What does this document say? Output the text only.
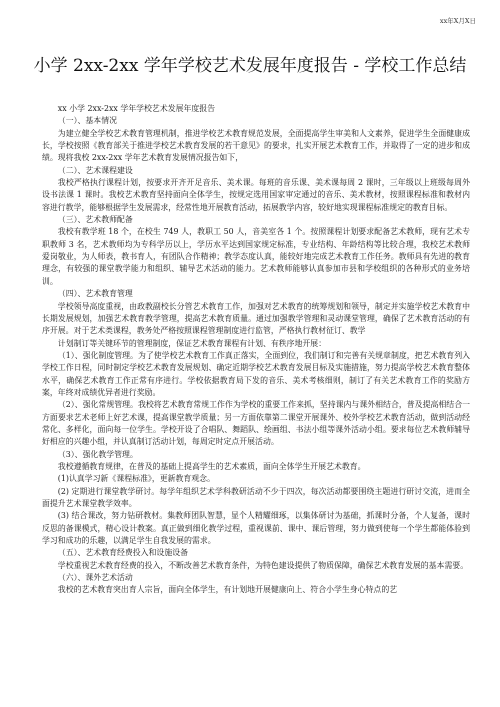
xx年X月X日
小学 2xx-2xx 学年学校艺术发展年度报告 - 学校工作总结

xx 小学 2xx-2xx 学年学校艺术发展年度报告

（一）、基本情况

为建立健全学校艺术教育管理机制，推进学校艺术教育规范发展，全面提高学生审美和人文素养，促进学生全面健康成长，学校按照《教育部关于推进学校艺术教育发展的若干意见》的要求，扎实开展艺术教育工作，并取得了一定的进步和成绩。现将我校 2xx-2xx 学年艺术教育发展情况报告如下，

（二）、艺术课程建设

我校严格执行课程计划，按要求开齐开足音乐、美术课。每班的音乐课、美术课每周 2 课时，三年级以上班级每周外设书法课 1 课时。我校艺术教育坚持面向全体学生，按规定选用国家审定通过的音乐、美术教材，按照课程标准和教材内容进行教学，能够根据学生发展需求，经常性地开展教育活动，拓展教学内容，较好地实现课程标准规定的教育目标。

（三）、艺术教师配备

我校有教学班 18 个，在校生 749 人，教职工 50 人，音美室各 1 个。按照课程计划要求配备艺术教师，现有艺术专职教师 3 名，艺术教师均为专科学历以上，学历水平达到国家规定标准，专业结构、年龄结构等比较合理，我校艺术教师爱岗敬业，为人师表，教书育人，有团队合作精神；教学态度认真，能较好地完成艺术教育工作任务。教师具有先进的教育理念，有较强的课堂教学能力和组织、辅导艺术活动的能力。艺术教师能够认真参加市县和学校组织的各种形式的业务培训。

（四）、艺术教育管理

学校领导高度重视，由政教副校长分管艺术教育工作，加强对艺术教育的统筹规划和领导，制定并实施学校艺术教育中长期发展规划，加强艺术教育教学管理，提高艺术教育质量。通过加强教学管理和灵动课堂管理，确保了艺术教育活动的有序开展。对于艺术类课程，教务处严格按照课程管理制度进行监管，严格执行教材征订、教学

计划制订等关键环节的管理制度，保证艺术教育课程有计划、有秩序地开展：

（1）、强化制度管理。为了使学校艺术教育工作真正落实，全面到位，我们制订和完善有关规章制度，把艺术教育列入学校工作日程，同时制定学校艺术教育发展规划、确定近期学校艺术教育发展目标及实施措施，努力提高学校艺术教育整体水平，确保艺术教育工作正常有序进行。学校依据教育局下发的音乐、美术考核细则，制订了有关艺术教育工作的奖励方案，年终对成绩优异者进行奖励。

（2）、强化常规管理。我校将艺术教育常规工作作为学校的重要工作来抓，坚持课内与课外相结合，普及提高相结合一方面要求艺术老师上好艺术课，提高课堂教学质量；另一方面依靠第二课堂开展课外、校外学校艺术教育活动，做到活动经常化、多样化，面向每一位学生。学校开设了合唱队、舞蹈队、绘画组、书法小组等课外活动小组。要求每位艺术教师辅导好相应的兴趣小组，并认真制订活动计划，每周定时定点开展活动。

（3）、强化教学管理。

我校遵循教育规律，在普及的基础上提高学生的艺术素质，面向全体学生开展艺术教育。

(1)认真学习新《课程标准》，更新教育观念。

(2) 定期进行课堂教学研讨。每学年组织艺术学科教研活动不少于四次，每次活动都要围绕主题进行研讨交流，进而全面提升艺术课堂教学效率。

(3) 结合课改，努力钻研教材。集教师团队智慧，显个人精耀细琢，以集体研讨为基础，抓课时分备，个人复备，课时反思的备课模式，精心设计教案。真正做到细化教学过程，重视课前、课中、课后管理，努力做到使每一个学生都能体验到学习和成功的乐趣，以满足学生自我发展的需求。

（五）、艺术教育经费投入和设施设备

学校重视艺术教育经费的投入，不断改善艺术教育条件，为特色建设提供了物质保障，确保艺术教育发展的基本需要。

（六）、课外艺术活动

我校的艺术教育突出育人宗旨，面向全体学生，有计划地开展健康向上、符合小学生身心特点的艺
